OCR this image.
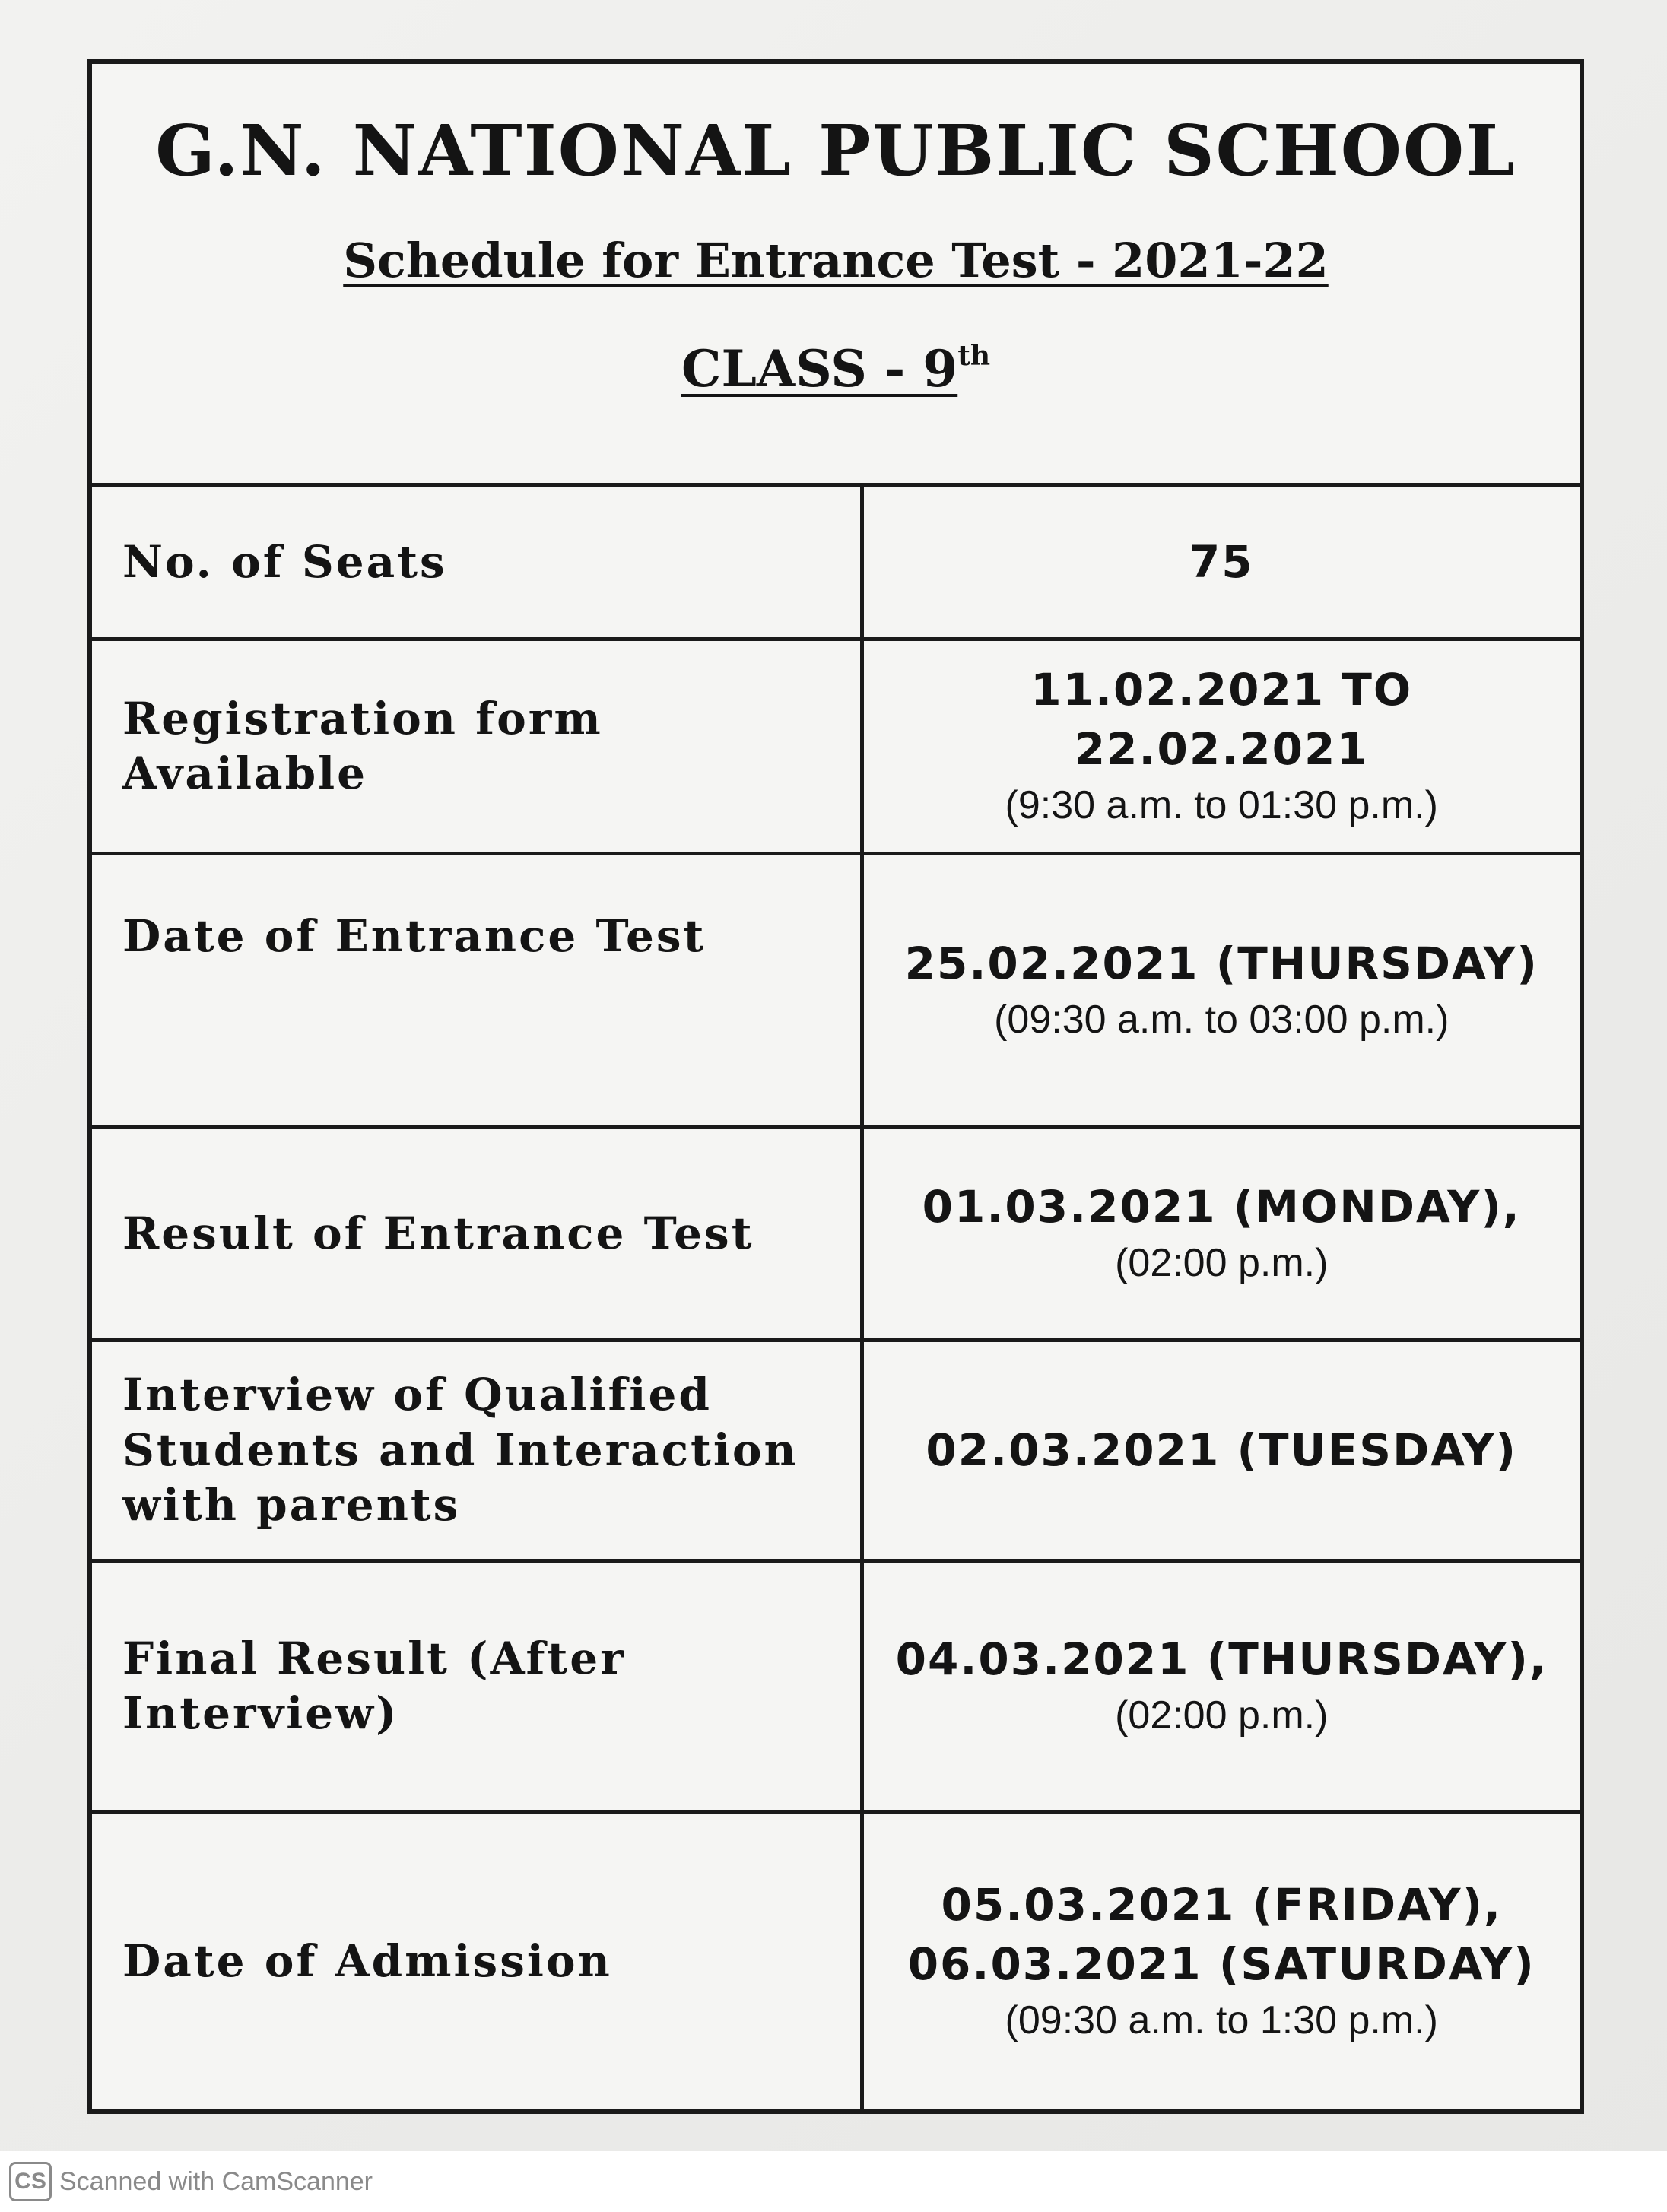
G.N. NATIONAL PUBLIC SCHOOL
Schedule for Entrance Test - 2021-22
CLASS - 9th
No. of Seats	75

Registration form Available	11.02.2021 TO 22.02.2021
(9:30 a.m. to 01:30 p.m.)

Date of Entrance Test	25.02.2021 (THURSDAY)
(09:30 a.m. to 03:00 p.m.)

Result of Entrance Test	01.03.2021 (MONDAY),
(02:00 p.m.)

Interview of Qualified Students and Interaction with parents	02.03.2021 (TUESDAY)

Final Result (After Interview)	04.03.2021 (THURSDAY),
(02:00 p.m.)

Date of Admission	05.03.2021 (FRIDAY),
06.03.2021 (SATURDAY)
(09:30 a.m. to 1:30 p.m.)
CS Scanned with CamScanner
